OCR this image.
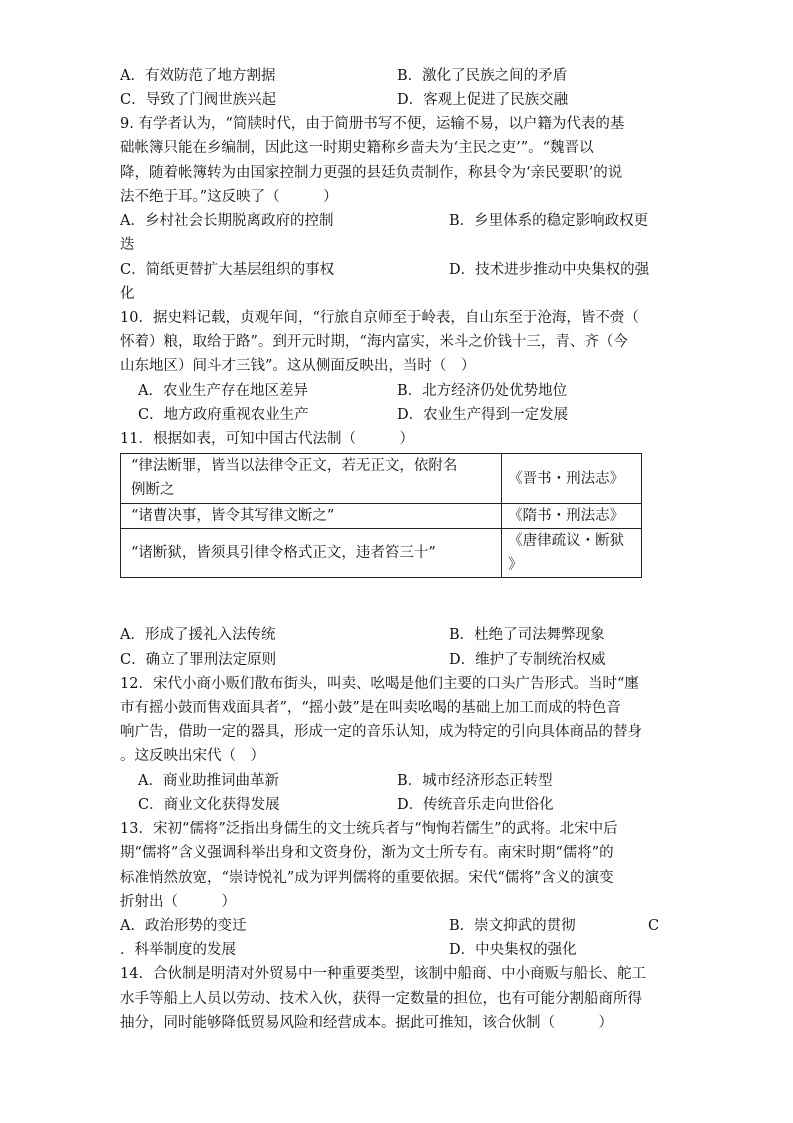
A．有效防范了地方割据	B．激化了民族之间的矛盾
C．导致了门阀世族兴起	D．客观上促进了民族交融
9. 有学者认为，“简牍时代，由于简册书写不便，运输不易，以户籍为代表的基
础帐簿只能在乡编制，因此这一时期史籍称乡啬夫为‘主民之吏’”。“魏晋以
降，随着帐簿转为由国家控制力更强的县廷负责制作，称县令为‘亲民要职’的说
法不绝于耳。”这反映了（　　　）
A．乡村社会长期脱离政府的控制	B．乡里体系的稳定影响政权更
迭
C．简纸更替扩大基层组织的事权	D．技术进步推动中央集权的强
化
10．据史料记载，贞观年间，“行旅自京师至于岭表，自山东至于沧海，皆不赍（
怀着）粮，取给于路”。到开元时期，“海内富实，米斗之价钱十三，青、齐（今
山东地区）间斗才三钱”。这从侧面反映出，当时（　）
A．农业生产存在地区差异	B．北方经济仍处优势地位
C．地方政府重视农业生产	D．农业生产得到一定发展
11．根据如表，可知中国古代法制（　　　）
“律法断罪，皆当以法律令正文，若无正文，依附名
例断之	《晋书・刑法志》

“诸曹决事，皆令其写律文断之”	《隋书・刑法志》

“诸断狱，皆须具引律令格式正文，违者笞三十”	《唐律疏议・断狱
》
A．形成了援礼入法传统	B．杜绝了司法舞弊现象
C．确立了罪刑法定原则	D．维护了专制统治权威
12．宋代小商小贩们散布街头，叫卖、吆喝是他们主要的口头广告形式。当时“廛
市有摇小鼓而售戏面具者”，“摇小鼓”是在叫卖吆喝的基础上加工而成的特色音
响广告，借助一定的器具，形成一定的音乐认知，成为特定的引向具体商品的替身
。这反映出宋代（　）
A．商业助推词曲革新	B．城市经济形态正转型
C．商业文化获得发展	D．传统音乐走向世俗化
13．宋初“儒将”泛指出身儒生的文士统兵者与“恂恂若儒生”的武将。北宋中后
期“儒将”含义强调科举出身和文资身份，渐为文士所专有。南宋时期“儒将”的
标准悄然放宽，“崇诗悦礼”成为评判儒将的重要依据。宋代“儒将”含义的演变
折射出（　　　）
A．政治形势的变迁	B．崇文抑武的贯彻	C
．科举制度的发展	D．中央集权的强化
14．合伙制是明清对外贸易中一种重要类型，该制中船商、中小商贩与船长、舵工
水手等船上人员以劳动、技术入伙，获得一定数量的担位，也有可能分割船商所得
抽分，同时能够降低贸易风险和经营成本。据此可推知，该合伙制（　　　）
